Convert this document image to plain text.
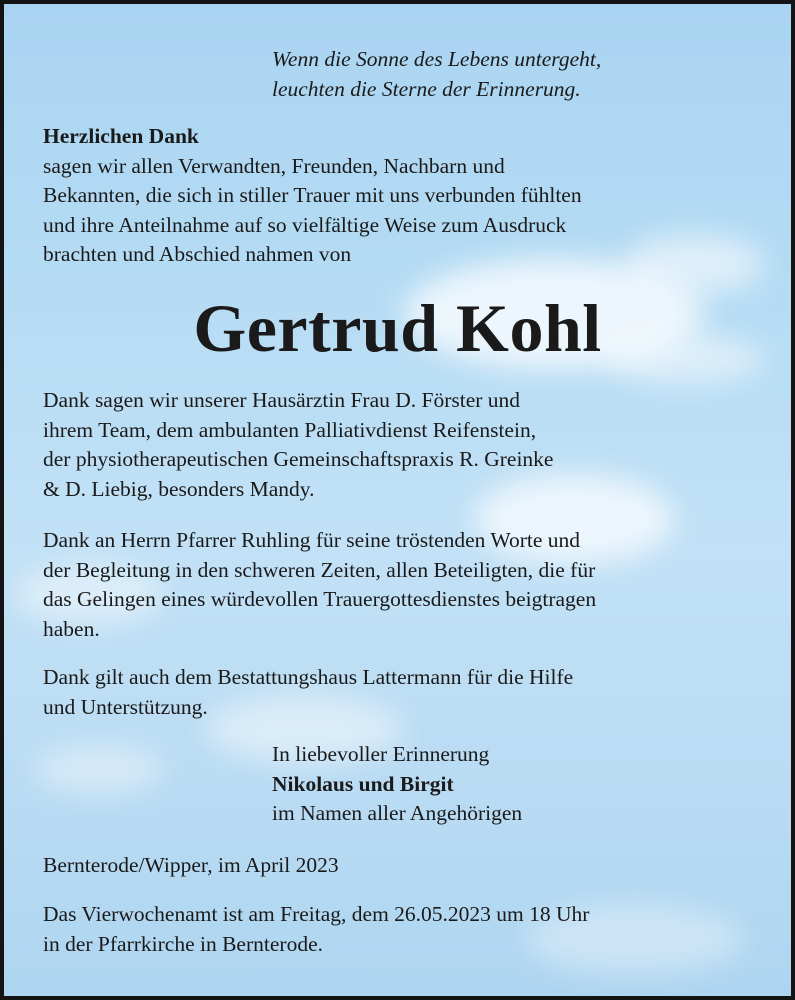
Wenn die Sonne des Lebens untergeht,
leuchten die Sterne der Erinnerung.
Herzlichen Dank
sagen wir allen Verwandten, Freunden, Nachbarn und
Bekannten, die sich in stiller Trauer mit uns verbunden fühlten
und ihre Anteilnahme auf so vielfältige Weise zum Ausdruck
brachten und Abschied nahmen von
Gertrud Kohl
Dank sagen wir unserer Hausärztin Frau D. Förster und
ihrem Team, dem ambulanten Palliativdienst Reifenstein,
der physiotherapeutischen Gemeinschaftspraxis R. Greinke
& D. Liebig, besonders Mandy.
Dank an Herrn Pfarrer Ruhling für seine tröstenden Worte und
der Begleitung in den schweren Zeiten, allen Beteiligten, die für
das Gelingen eines würdevollen Trauergottesdienstes beigtragen
haben.
Dank gilt auch dem Bestattungshaus Lattermann für die Hilfe
und Unterstützung.
In liebevoller Erinnerung
Nikolaus und Birgit
im Namen aller Angehörigen
Bernterode/Wipper, im April 2023
Das Vierwochenamt ist am Freitag, dem 26.05.2023 um 18 Uhr
in der Pfarrkirche in Bernterode.
